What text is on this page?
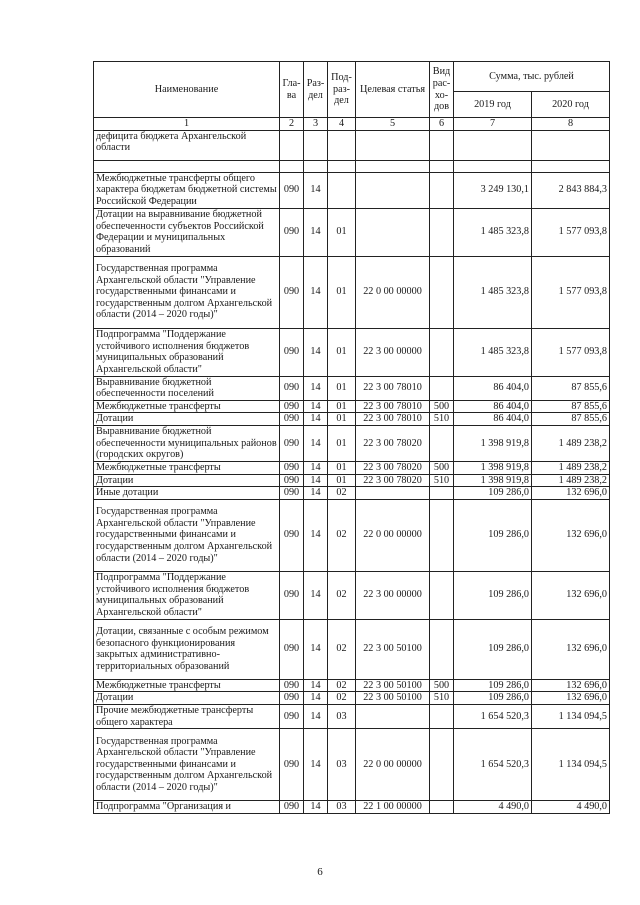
Наименование	Гла-ва	Раз-дел	Под-раз-дел	Целевая статья	Вид рас-хо-дов	Сумма, тыс. рублей	
						2019 год	2020 год
1	2	3	4	5	6	7	8
дефицита бюджета Архангельской области							

Межбюджетные трансферты общего характера бюджетам бюджетной системы Российской Федерации	090	14				3 249 130,1	2 843 884,3
Дотации на выравнивание бюджетной обеспеченности субъектов Российской Федерации и муниципальных образований	090	14	01			1 485 323,8	1 577 093,8
Государственная программа Архангельской области "Управление государственными финансами и государственным долгом Архангельской области (2014 – 2020 годы)"	090	14	01	22 0 00 00000		1 485 323,8	1 577 093,8
Подпрограмма "Поддержание устойчивого исполнения бюджетов муниципальных образований Архангельской области"	090	14	01	22 3 00 00000		1 485 323,8	1 577 093,8
Выравнивание бюджетной обеспеченности поселений	090	14	01	22 3 00 78010		86 404,0	87 855,6
Межбюджетные трансферты	090	14	01	22 3 00 78010	500	86 404,0	87 855,6
Дотации	090	14	01	22 3 00 78010	510	86 404,0	87 855,6
Выравнивание бюджетной обеспеченности муниципальных районов (городских округов)	090	14	01	22 3 00 78020		1 398 919,8	1 489 238,2
Межбюджетные трансферты	090	14	01	22 3 00 78020	500	1 398 919,8	1 489 238,2
Дотации	090	14	01	22 3 00 78020	510	1 398 919,8	1 489 238,2
Иные дотации	090	14	02			109 286,0	132 696,0
Государственная программа Архангельской области "Управление государственными финансами и государственным долгом Архангельской области (2014 – 2020 годы)"	090	14	02	22 0 00 00000		109 286,0	132 696,0
Подпрограмма "Поддержание устойчивого исполнения бюджетов муниципальных образований Архангельской области"	090	14	02	22 3 00 00000		109 286,0	132 696,0
Дотации, связанные с особым режимом безопасного функционирования закрытых административно-территориальных образований	090	14	02	22 3 00 50100		109 286,0	132 696,0
Межбюджетные трансферты	090	14	02	22 3 00 50100	500	109 286,0	132 696,0
Дотации	090	14	02	22 3 00 50100	510	109 286,0	132 696,0
Прочие межбюджетные трансферты общего характера	090	14	03			1 654 520,3	1 134 094,5
Государственная программа Архангельской области "Управление государственными финансами и государственным долгом Архангельской области (2014 – 2020 годы)"	090	14	03	22 0 00 00000		1 654 520,3	1 134 094,5
Подпрограмма "Организация и	090	14	03	22 1 00 00000		4 490,0	4 490,0
6
